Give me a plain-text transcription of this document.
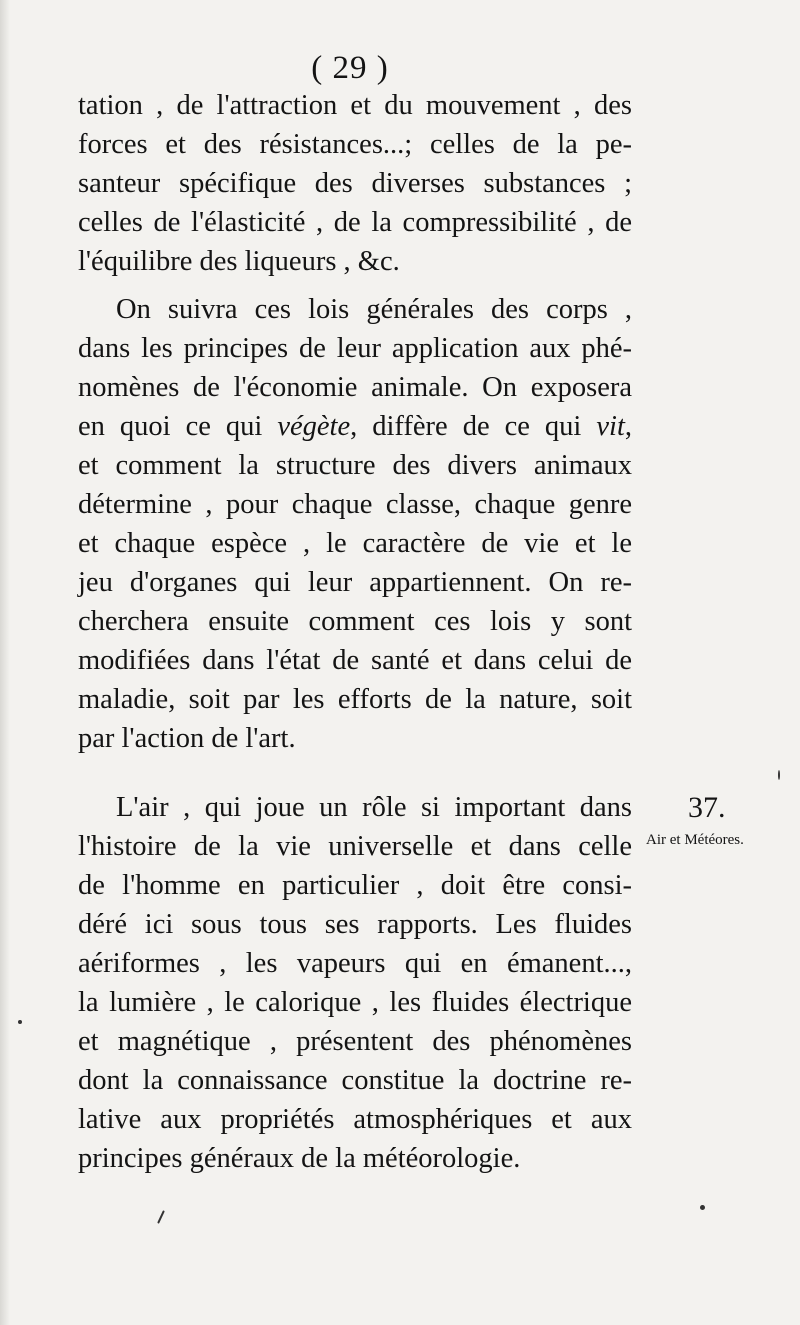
( 29 )
tation , de l'attraction et du mouvement , des
forces et des résistances...; celles de la pe-
santeur spécifique des diverses substances ;
celles de l'élasticité , de la compressibilité , de
l'équilibre des liqueurs , &c.
On suivra ces lois générales des corps ,
dans les principes de leur application aux phé-
nomènes de l'économie animale. On exposera
en quoi ce qui végète, diffère de ce qui vit,
et comment la structure des divers animaux
détermine , pour chaque classe, chaque genre
et chaque espèce , le caractère de vie et le
jeu d'organes qui leur appartiennent. On re-
cherchera ensuite comment ces lois y sont
modifiées dans l'état de santé et dans celui de
maladie, soit par les efforts de la nature, soit
par l'action de l'art.
L'air , qui joue un rôle si important dans
l'histoire de la vie universelle et dans celle
de l'homme en particulier , doit être consi-
déré ici sous tous ses rapports. Les fluides
aériformes , les vapeurs qui en émanent...,
la lumière , le calorique , les fluides électrique
et magnétique , présentent des phénomènes
dont la connaissance constitue la doctrine re-
lative aux propriétés atmosphériques et aux
principes généraux de la météorologie.
37.
Air et Météores.
